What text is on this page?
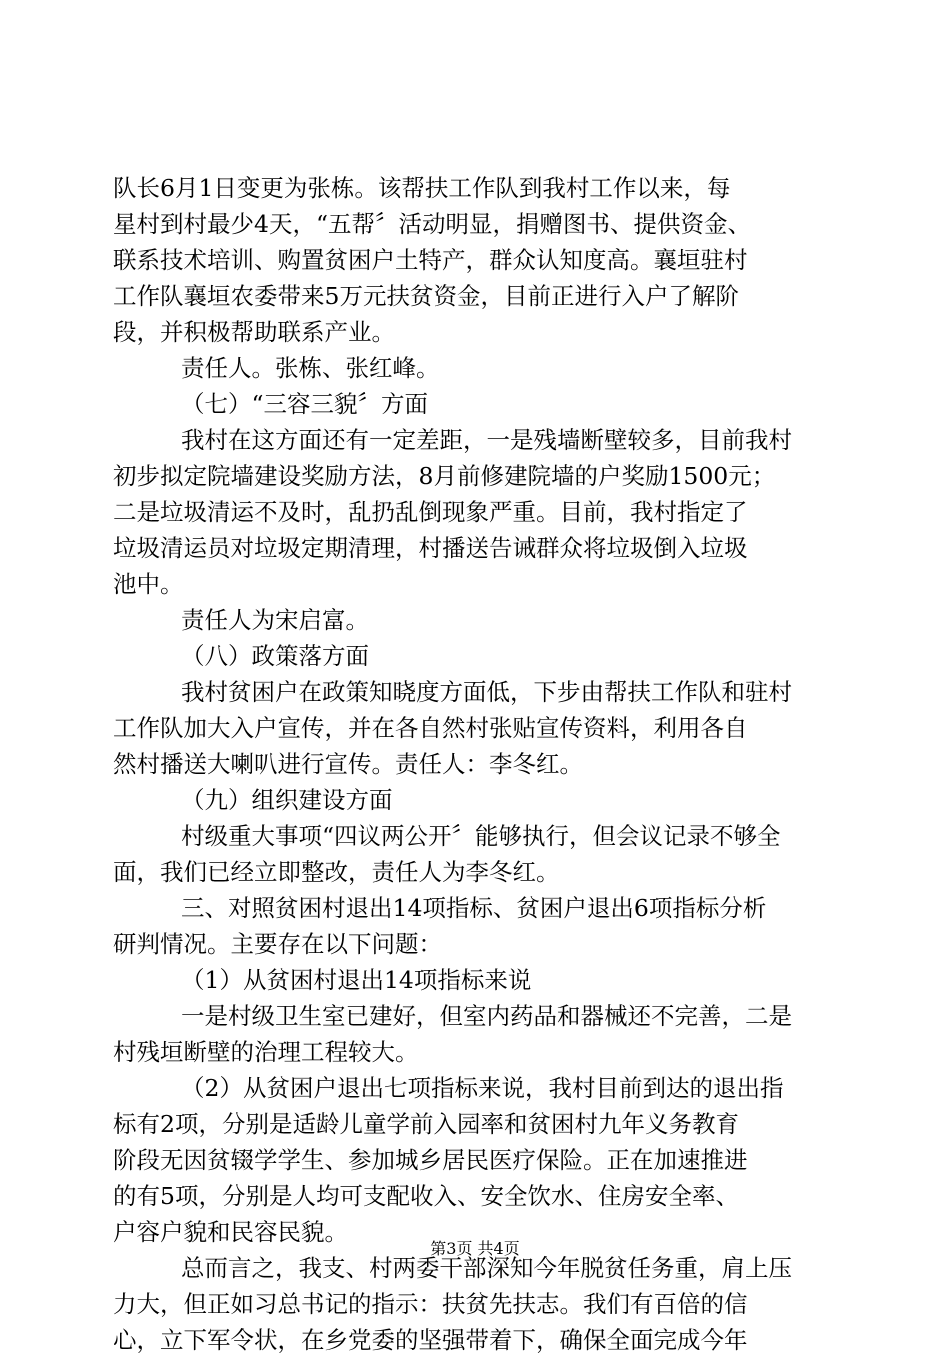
队长6月1日变更为张栋。该帮扶工作队到我村工作以来，每
星村到村最少4天，“五帮〞活动明显，捐赠图书、提供资金、
联系技术培训、购置贫困户土特产，群众认知度高。襄垣驻村
工作队襄垣农委带来5万元扶贫资金，目前正进行入户了解阶
段，并积极帮助联系产业。
责任人。张栋、张红峰。
（七）“三容三貌〞方面
我村在这方面还有一定差距，一是残墙断壁较多，目前我村
初步拟定院墙建设奖励方法，8月前修建院墙的户奖励1500元；
二是垃圾清运不及时，乱扔乱倒现象严重。目前，我村指定了
垃圾清运员对垃圾定期清理，村播送告诫群众将垃圾倒入垃圾
池中。
责任人为宋启富。
（八）政策落方面
我村贫困户在政策知晓度方面低，下步由帮扶工作队和驻村
工作队加大入户宣传，并在各自然村张贴宣传资料，利用各自
然村播送大喇叭进行宣传。责任人：李冬红。
（九）组织建设方面
村级重大事项“四议两公开〞能够执行，但会议记录不够全
面，我们已经立即整改，责任人为李冬红。
三、对照贫困村退出14项指标、贫困户退出6项指标分析
研判情况。主要存在以下问题：
（1）从贫困村退出14项指标来说
一是村级卫生室已建好，但室内药品和器械还不完善，二是
村残垣断壁的治理工程较大。
（2）从贫困户退出七项指标来说，我村目前到达的退出指
标有2项，分别是适龄儿童学前入园率和贫困村九年义务教育
阶段无因贫辍学学生、参加城乡居民医疗保险。正在加速推进
的有5项，分别是人均可支配收入、安全饮水、住房安全率、
户容户貌和民容民貌。
总而言之，我支、村两委干部深知今年脱贫任务重，肩上压
力大，但正如习总书记的指示：扶贫先扶志。我们有百倍的信
心，立下军令状，在乡党委的坚强带着下，确保全面完成今年
第3页 共4页
